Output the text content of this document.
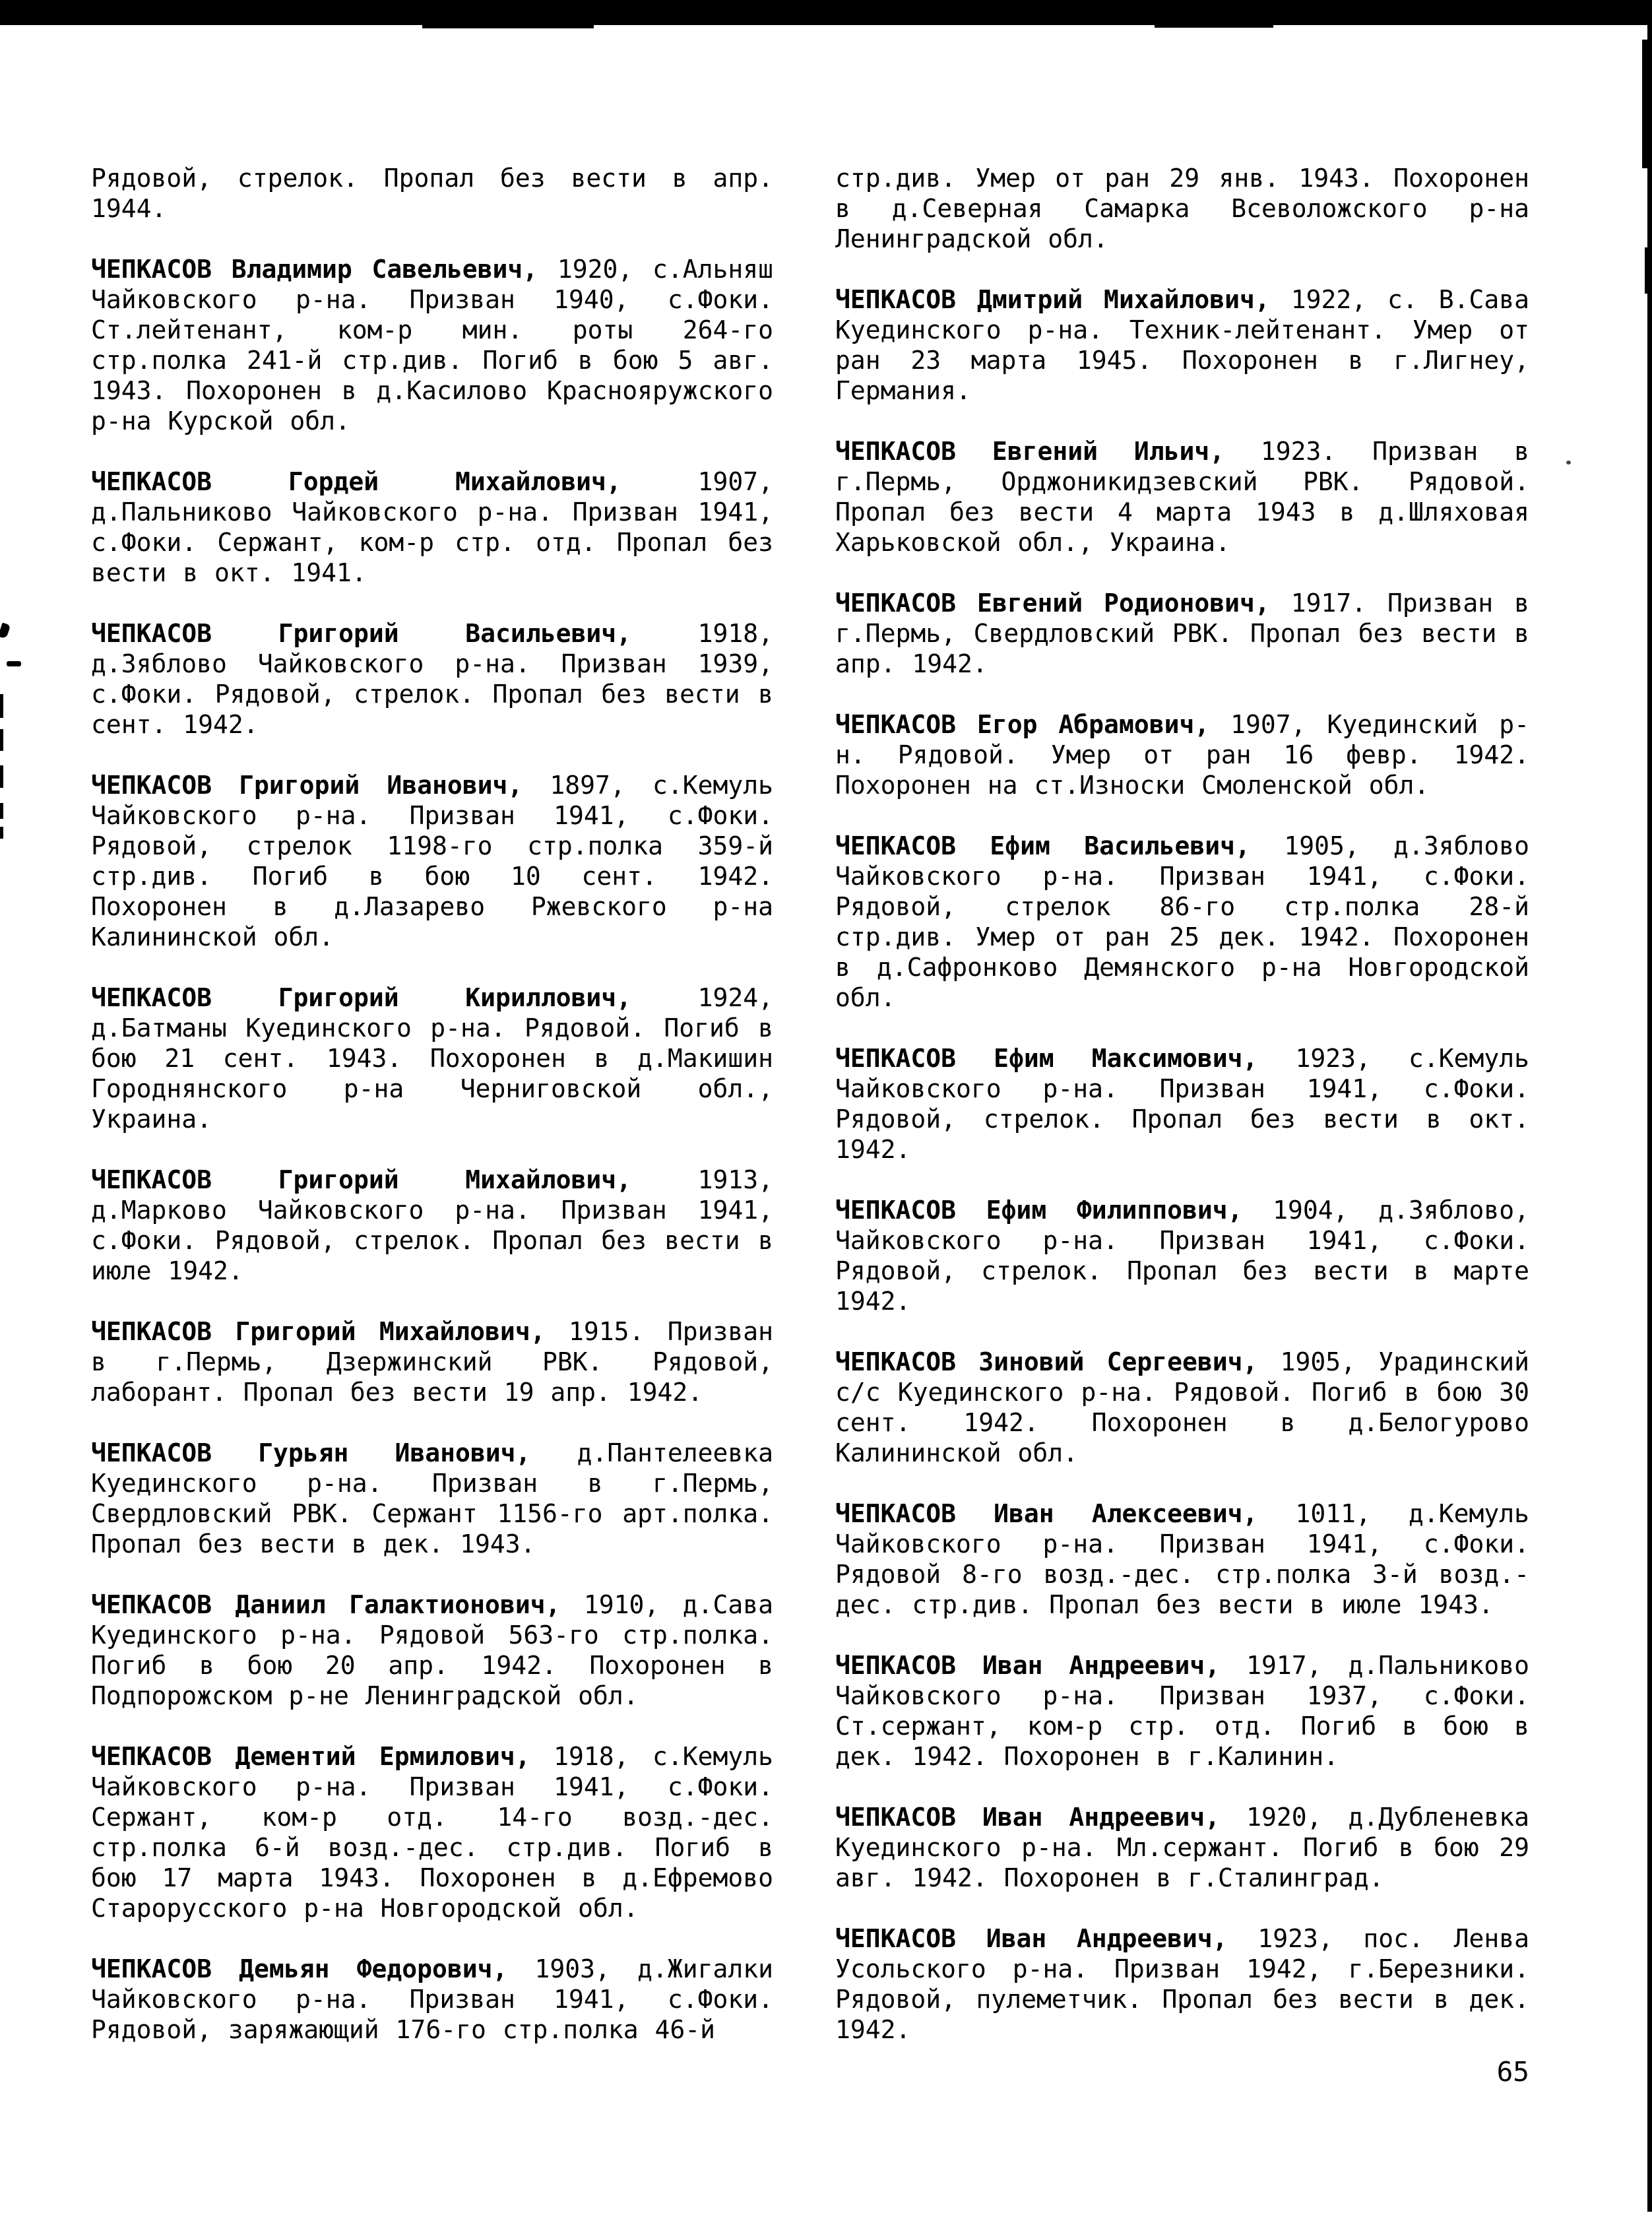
Рядовой, стрелок. Пропал без вести в апр. 1944.

ЧЕПКАСОВ Владимир Савельевич, 1920, с.Альняш Чайковского р-на. Призван 1940, с.Фоки. Ст.лейтенант, ком-р мин. роты 264-го стр.полка 241-й стр.див. Погиб в бою 5 авг. 1943. Похоронен в д.Касилово Краснояружского р-на Курской обл.

ЧЕПКАСОВ Гордей Михайлович,	1907, д.Пальниково Чайковского р-на. Призван 1941, с.Фоки. Сержант, ком-р стр. отд. Пропал без вести в окт. 1941.

ЧЕПКАСОВ Григорий Васильевич,	1918, д.Зяблово Чайковского р-на. Призван 1939, с.Фоки. Рядовой, стрелок. Пропал без вести в сент. 1942.

ЧЕПКАСОВ Григорий Иванович, 1897, с.Кемуль Чайковского р-на. Призван 1941, с.Фоки. Рядовой, стрелок 1198-го стр.полка 359-й стр.див. Погиб в бою 10 сент. 1942. Похоронен в д.Лазарево Ржевского р-на Калининской обл.

ЧЕПКАСОВ Григорий Кириллович,	1924, д.Батманы Куединского р-на. Рядовой. Погиб в бою 21 сент. 1943. Похоронен в д.Макишин Городнянского р-на Черниговской обл., Украина.

ЧЕПКАСОВ Григорий Михайлович,	1913, д.Марково Чайковского р-на. Призван 1941, с.Фоки. Рядовой, стрелок. Пропал без вести в июле 1942.

ЧЕПКАСОВ Григорий Михайлович, 1915. Призван в г.Пермь, Дзержинский РВК. Рядовой, лаборант. Пропал без вести 19 апр. 1942.

ЧЕПКАСОВ Гурьян Иванович, д.Пантелеевка Куединского р-на. Призван в г.Пермь, Свердловский РВК. Сержант 1156-го арт.полка. Пропал без вести в дек. 1943.

ЧЕПКАСОВ Даниил Галактионович, 1910, д.Сава Куединского р-на. Рядовой 563-го стр.полка. Погиб в бою 20 апр. 1942. Похоронен в Подпорожском р-не Ленинградской обл.

ЧЕПКАСОВ Дементий Ермилович, 1918, с.Кемуль Чайковского р-на. Призван 1941, с.Фоки. Сержант, ком-р отд. 14-го возд.-дес. стр.полка 6-й возд.-дес. стр.див. Погиб в бою 17 марта 1943. Похоронен в д.Ефремово Старорусского р-на Новгородской обл.

ЧЕПКАСОВ Демьян Федорович, 1903, д.Жигалки Чайковского р-на. Призван 1941, с.Фоки. Рядовой, заряжающий 176-го стр.полка 46-й

стр.див. Умер от ран 29 янв. 1943. Похоронен в д.Северная Самарка Всеволожского р-на Ленинградской обл.

ЧЕПКАСОВ Дмитрий Михайлович, 1922, с. В.Сава Куединского р-на. Техник-лейтенант. Умер от ран 23 марта 1945. Похоронен в г.Лигнеу, Германия.

ЧЕПКАСОВ Евгений Ильич, 1923. Призван в г.Пермь, Орджоникидзевский РВК. Рядовой. Пропал без вести 4 марта 1943 в д.Шляховая Харьковской обл., Украина.

ЧЕПКАСОВ Евгений Родионович, 1917. Призван в г.Пермь, Свердловский РВК. Пропал без вести в апр. 1942.

ЧЕПКАСОВ Егор Абрамович, 1907, Куединский р-н. Рядовой. Умер от ран 16 февр. 1942. Похоронен на ст.Износки Смоленской обл.

ЧЕПКАСОВ Ефим Васильевич, 1905, д.Зяблово Чайковского р-на. Призван 1941, с.Фоки. Рядовой, стрелок 86-го стр.полка 28-й стр.див. Умер от ран 25 дек. 1942. Похоронен в д.Сафронково Демянского р-на Новгородской обл.

ЧЕПКАСОВ Ефим Максимович, 1923, с.Кемуль Чайковского р-на. Призван 1941, с.Фоки. Рядовой, стрелок. Пропал без вести в окт. 1942.

ЧЕПКАСОВ Ефим Филиппович, 1904, д.Зяблово, Чайковского р-на. Призван 1941, с.Фоки. Рядовой, стрелок. Пропал без вести в марте 1942.

ЧЕПКАСОВ Зиновий Сергеевич, 1905, Урадинский с/с Куединского р-на. Рядовой. Погиб в бою 30 сент. 1942. Похоронен в д.Белогурово Калининской обл.

ЧЕПКАСОВ Иван Алексеевич, 1011, д.Кемуль Чайковского р-на. Призван 1941, с.Фоки. Рядовой 8-го возд.-дес. стр.полка 3-й возд.-дес. стр.див. Пропал без вести в июле 1943.

ЧЕПКАСОВ Иван Андреевич, 1917, д.Пальниково Чайковского р-на. Призван 1937, с.Фоки. Ст.сержант, ком-р стр. отд. Погиб в бою в дек. 1942. Похоронен в г.Калинин.

ЧЕПКАСОВ Иван Андреевич, 1920, д.Дубленевка Куединского р-на. Мл.сержант. Погиб в бою 29 авг. 1942. Похоронен в г.Сталинград.

ЧЕПКАСОВ Иван Андреевич, 1923, пос. Ленва Усольского р-на. Призван 1942, г.Березники. Рядовой, пулеметчик. Пропал без вести в дек. 1942.

65
